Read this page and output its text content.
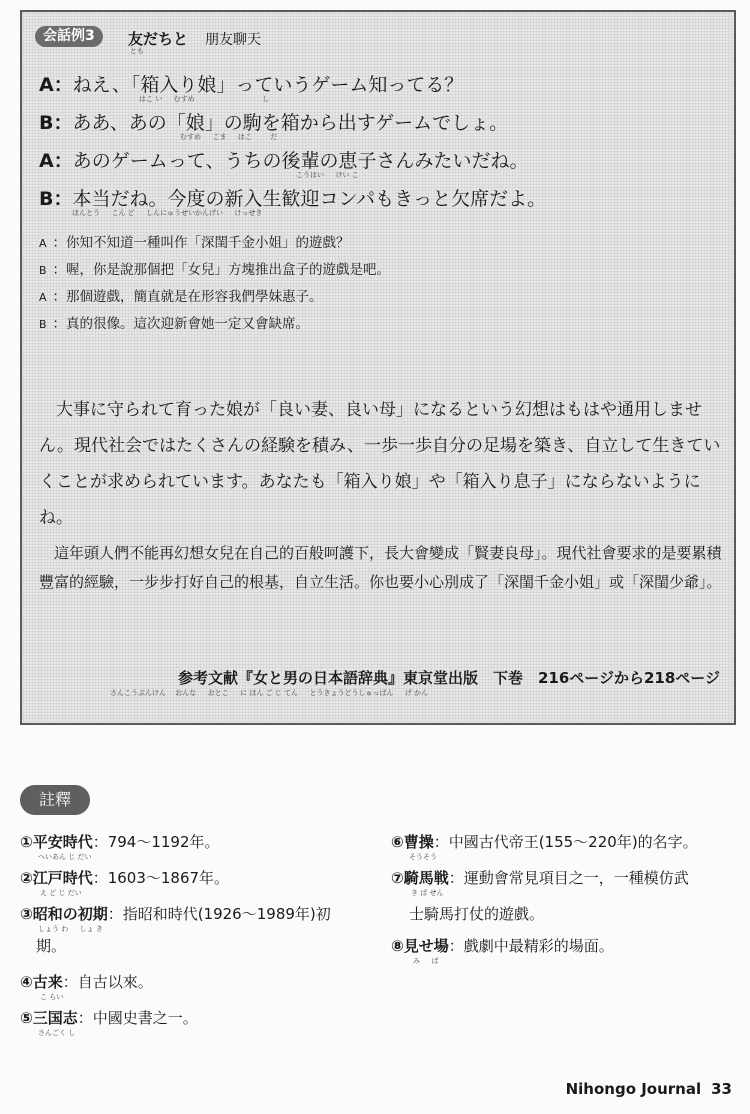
会話例3	友だちと
とも
朋友聊天
A：ねえ、「箱入り娘」っていうゲーム知ってる？
はこ い 　 むすめ 　　　　　　　　　 し
B：ああ、あの「娘」の駒を箱から出すゲームでしょ。
むすめ 　 こま 　 はこ 　　 だ
A：あのゲームって、うちの後輩の恵子さんみたいだね。
こうはい 　 けい こ
B：本当だね。今度の新入生歓迎コンパもきっと欠席だよ。
ほんとう 　 こん ど 　 しんにゅうせいかんげい 　 けっせき
A ：你知不知道一種叫作「深閨千金小姐」的遊戲？
B ：喔，你是說那個把「女兒」方塊推出盒子的遊戲是吧。
A ：那個遊戲，簡直就是在形容我們學妹惠子。
B ：真的很像。這次迎新會她一定又會缺席。

　大事に守られて育った娘が「良い妻、良い母」になるという幻想はもはや通用しません。現代社会ではたくさんの経験を積み、一歩一歩自分の足場を築き、自立して生きていくことが求められています。あなたも「箱入り娘」や「箱入り息子」にならないようにね。

　這年頭人們不能再幻想女兒在自己的百般呵護下，長大會變成「賢妻良母」。現代社會要求的是要累積豐富的經驗，一步步打好自己的根基，自立生活。你也要小心別成了「深閨千金小姐」或「深閨少爺」。

参考文献『女と男の日本語辞典』東京堂出版　下巻　216ページから218ページ
さんこうぶんけん　 おんな 　 おとこ 　 に ほん ご じ てん 　 とうきょうどうしゅっぱん 　 げ かん
註釋
①平安時代：794〜1192年。
へいあん じ だい
②江戸時代：1603〜1867年。
え ど じ だい
③昭和の初期：指昭和時代(1926〜1989年)初
しょう わ 　 しょ き
期。
④古来：自古以來。
こ らい
⑤三国志：中國史書之一。
さんごく し
⑥曹操：中國古代帝王(155〜220年)的名字。
そうそう
⑦騎馬戦：運動會常見項目之一，一種模仿武
き ば せん
士騎馬打仗的遊戲。
⑧見せ場：戲劇中最精彩的場面。
み 　 ば
Nihongo Journal 33
